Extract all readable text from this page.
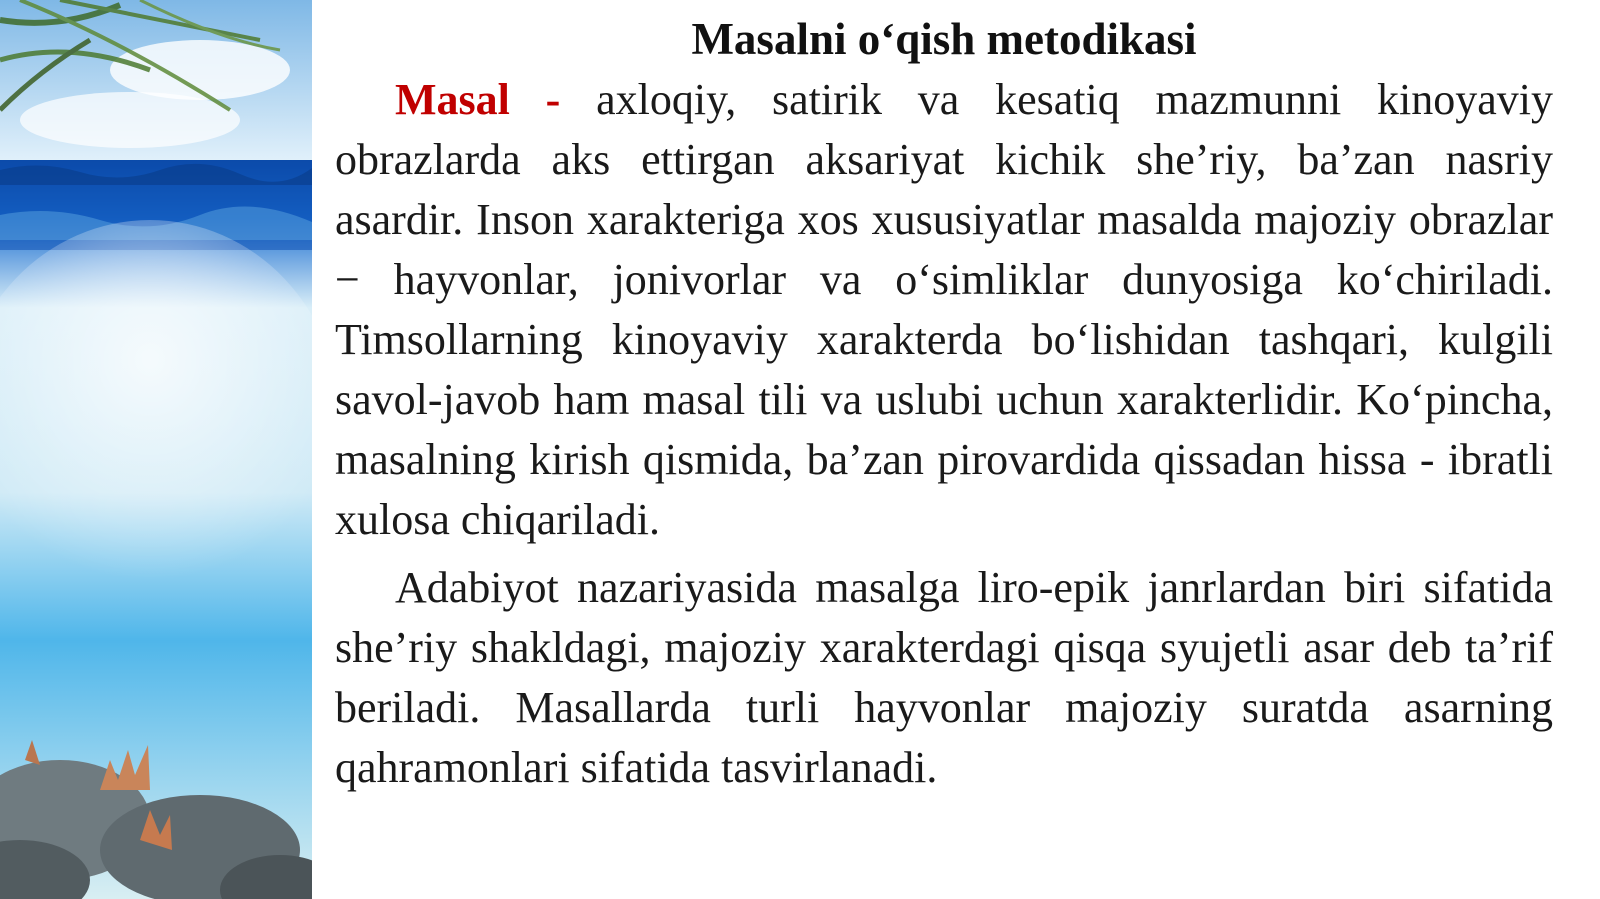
Masalni oʻqish metodikasi

Masal - axloqiy, satirik va kesatiq mazmunni kinoyaviy obrazlarda aks ettirgan aksariyat kichik she’riy, ba’zan nasriy asardir. Inson xarakteriga xos xususiyatlar masalda majoziy obrazlar − hayvonlar, jonivorlar va oʻsimliklar dunyosiga koʻchiriladi. Timsollarning kinoyaviy xarakterda boʻlishidan tashqari, kulgili savol-javob ham masal tili va uslubi uchun xarakterlidir. Koʻpincha, masalning kirish qismida, ba’zan pirovardida qissadan hissa - ibratli xulosa chiqariladi.

Adabiyot nazariyasida masalga liro-epik janrlardan biri sifatida she’riy shakldagi, majoziy xarakterdagi qisqa syujetli asar deb ta’rif beriladi. Masallarda turli hayvonlar majoziy suratda asarning qahramonlari sifatida tasvirlanadi.
